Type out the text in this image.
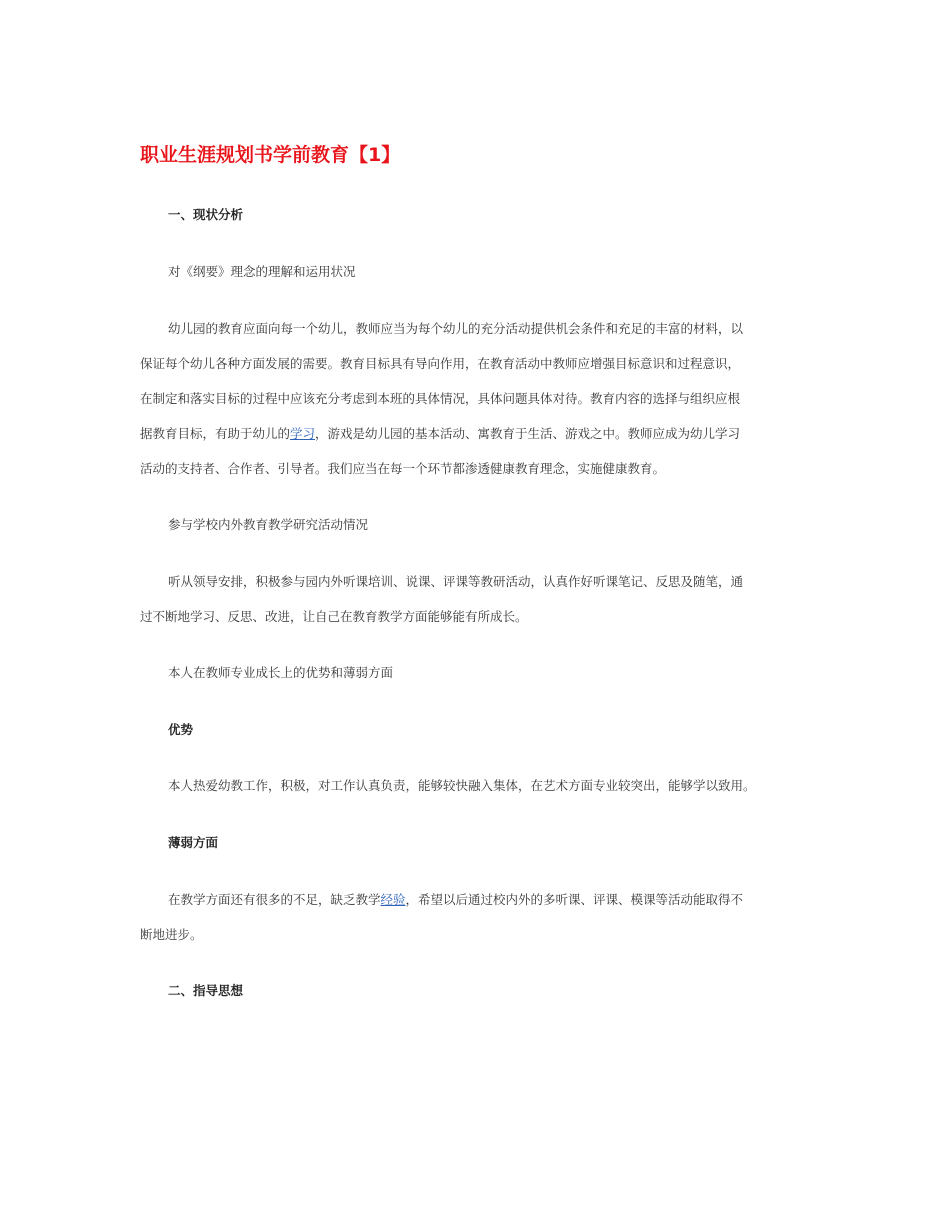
职业生涯规划书学前教育【1】
一、现状分析
对《纲要》理念的理解和运用状况
幼儿园的教育应面向每一个幼儿，教师应当为每个幼儿的充分活动提供机会条件和充足的丰富的材料，以
保证每个幼儿各种方面发展的需要。教育目标具有导向作用，在教育活动中教师应增强目标意识和过程意识，
在制定和落实目标的过程中应该充分考虑到本班的具体情况，具体问题具体对待。教育内容的选择与组织应根
据教育目标，有助于幼儿的学习，游戏是幼儿园的基本活动、寓教育于生活、游戏之中。教师应成为幼儿学习
活动的支持者、合作者、引导者。我们应当在每一个环节都渗透健康教育理念，实施健康教育。
参与学校内外教育教学研究活动情况
听从领导安排，积极参与园内外听课培训、说课、评课等教研活动，认真作好听课笔记、反思及随笔，通
过不断地学习、反思、改进，让自己在教育教学方面能够能有所成长。
本人在教师专业成长上的优势和薄弱方面
优势
本人热爱幼教工作，积极，对工作认真负责，能够较快融入集体，在艺术方面专业较突出，能够学以致用。
薄弱方面
在教学方面还有很多的不足，缺乏教学经验，希望以后通过校内外的多听课、评课、模课等活动能取得不
断地进步。
二、指导思想
